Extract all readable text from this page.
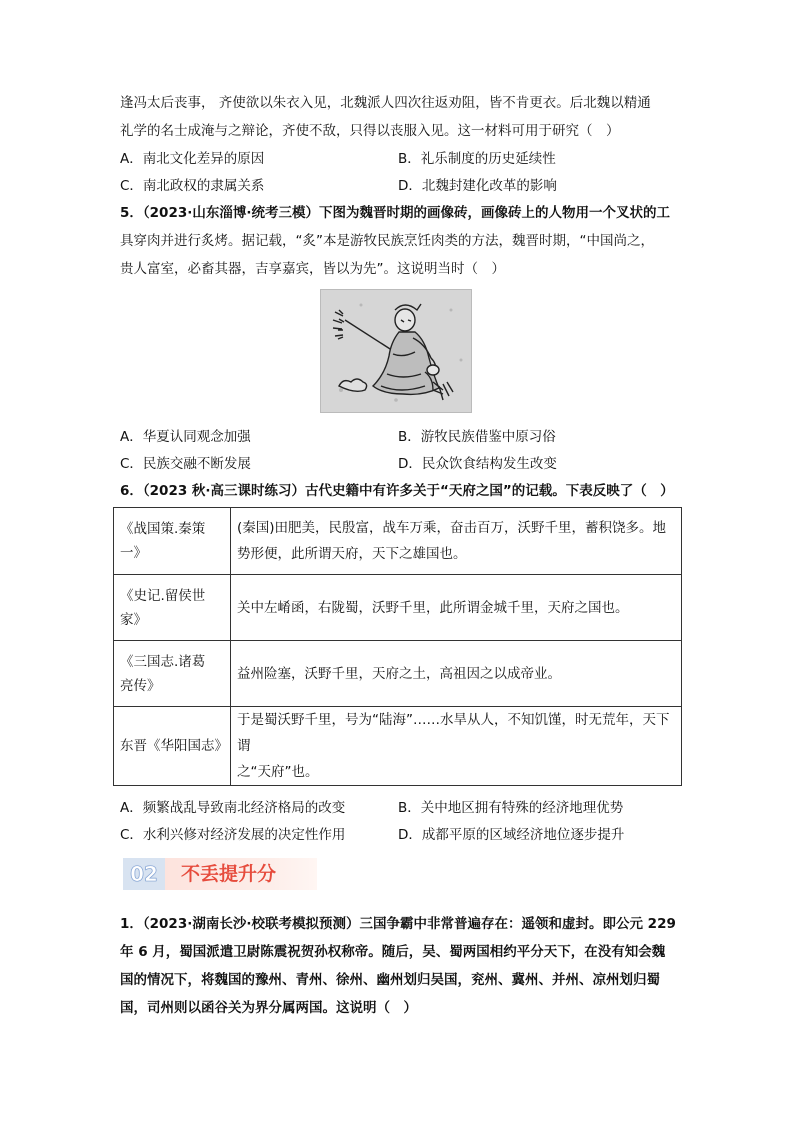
逢冯太后丧事， 齐使欲以朱衣入见，北魏派人四次往返劝阻，皆不肯更衣。后北魏以精通
礼学的名士成淹与之辩论，齐使不敌，只得以丧服入见。这一材料可用于研究（　）
A．南北文化差异的原因	B．礼乐制度的历史延续性
C．南北政权的隶属关系	D．北魏封建化改革的影响
5．（2023·山东淄博·统考三模）下图为魏晋时期的画像砖，画像砖上的人物用一个叉状的工
具穿肉并进行炙烤。据记载，“炙”本是游牧民族烹饪肉类的方法，魏晋时期，“中国尚之，
贵人富室，必畜其器，吉享嘉宾，皆以为先”。这说明当时（　）
A．华夏认同观念加强	B．游牧民族借鉴中原习俗
C．民族交融不断发展	D．民众饮食结构发生改变
6．（2023 秋·高三课时练习）古代史籍中有许多关于“天府之国”的记载。下表反映了（　）
《战国策.秦策
一》	(秦国)田肥美，民殷富，战车万乘，奋击百万，沃野千里，蓄积饶多。地
势形便，此所谓天府，天下之雄国也。
《史记.留侯世
家》	关中左崤函，右陇蜀，沃野千里，此所谓金城千里，天府之国也。
《三国志.诸葛
亮传》	益州险塞，沃野千里，天府之土，高祖因之以成帝业。
东晋《华阳国志》	于是蜀沃野千里，号为“陆海”……水旱从人，不知饥馑，时无荒年，天下谓
之“天府”也。
A．频繁战乱导致南北经济格局的改变	B．关中地区拥有特殊的经济地理优势
C．水利兴修对经济发展的决定性作用	D．成都平原的区域经济地位逐步提升
02	不丢提升分
1．（2023·湖南长沙·校联考模拟预测）三国争霸中非常普遍存在：遥领和虚封。即公元 229
年 6 月，蜀国派遣卫尉陈震祝贺孙权称帝。随后，吴、蜀两国相约平分天下，在没有知会魏
国的情况下，将魏国的豫州、青州、徐州、幽州划归吴国，兖州、冀州、并州、凉州划归蜀
国，司州则以函谷关为界分属两国。这说明（　）
